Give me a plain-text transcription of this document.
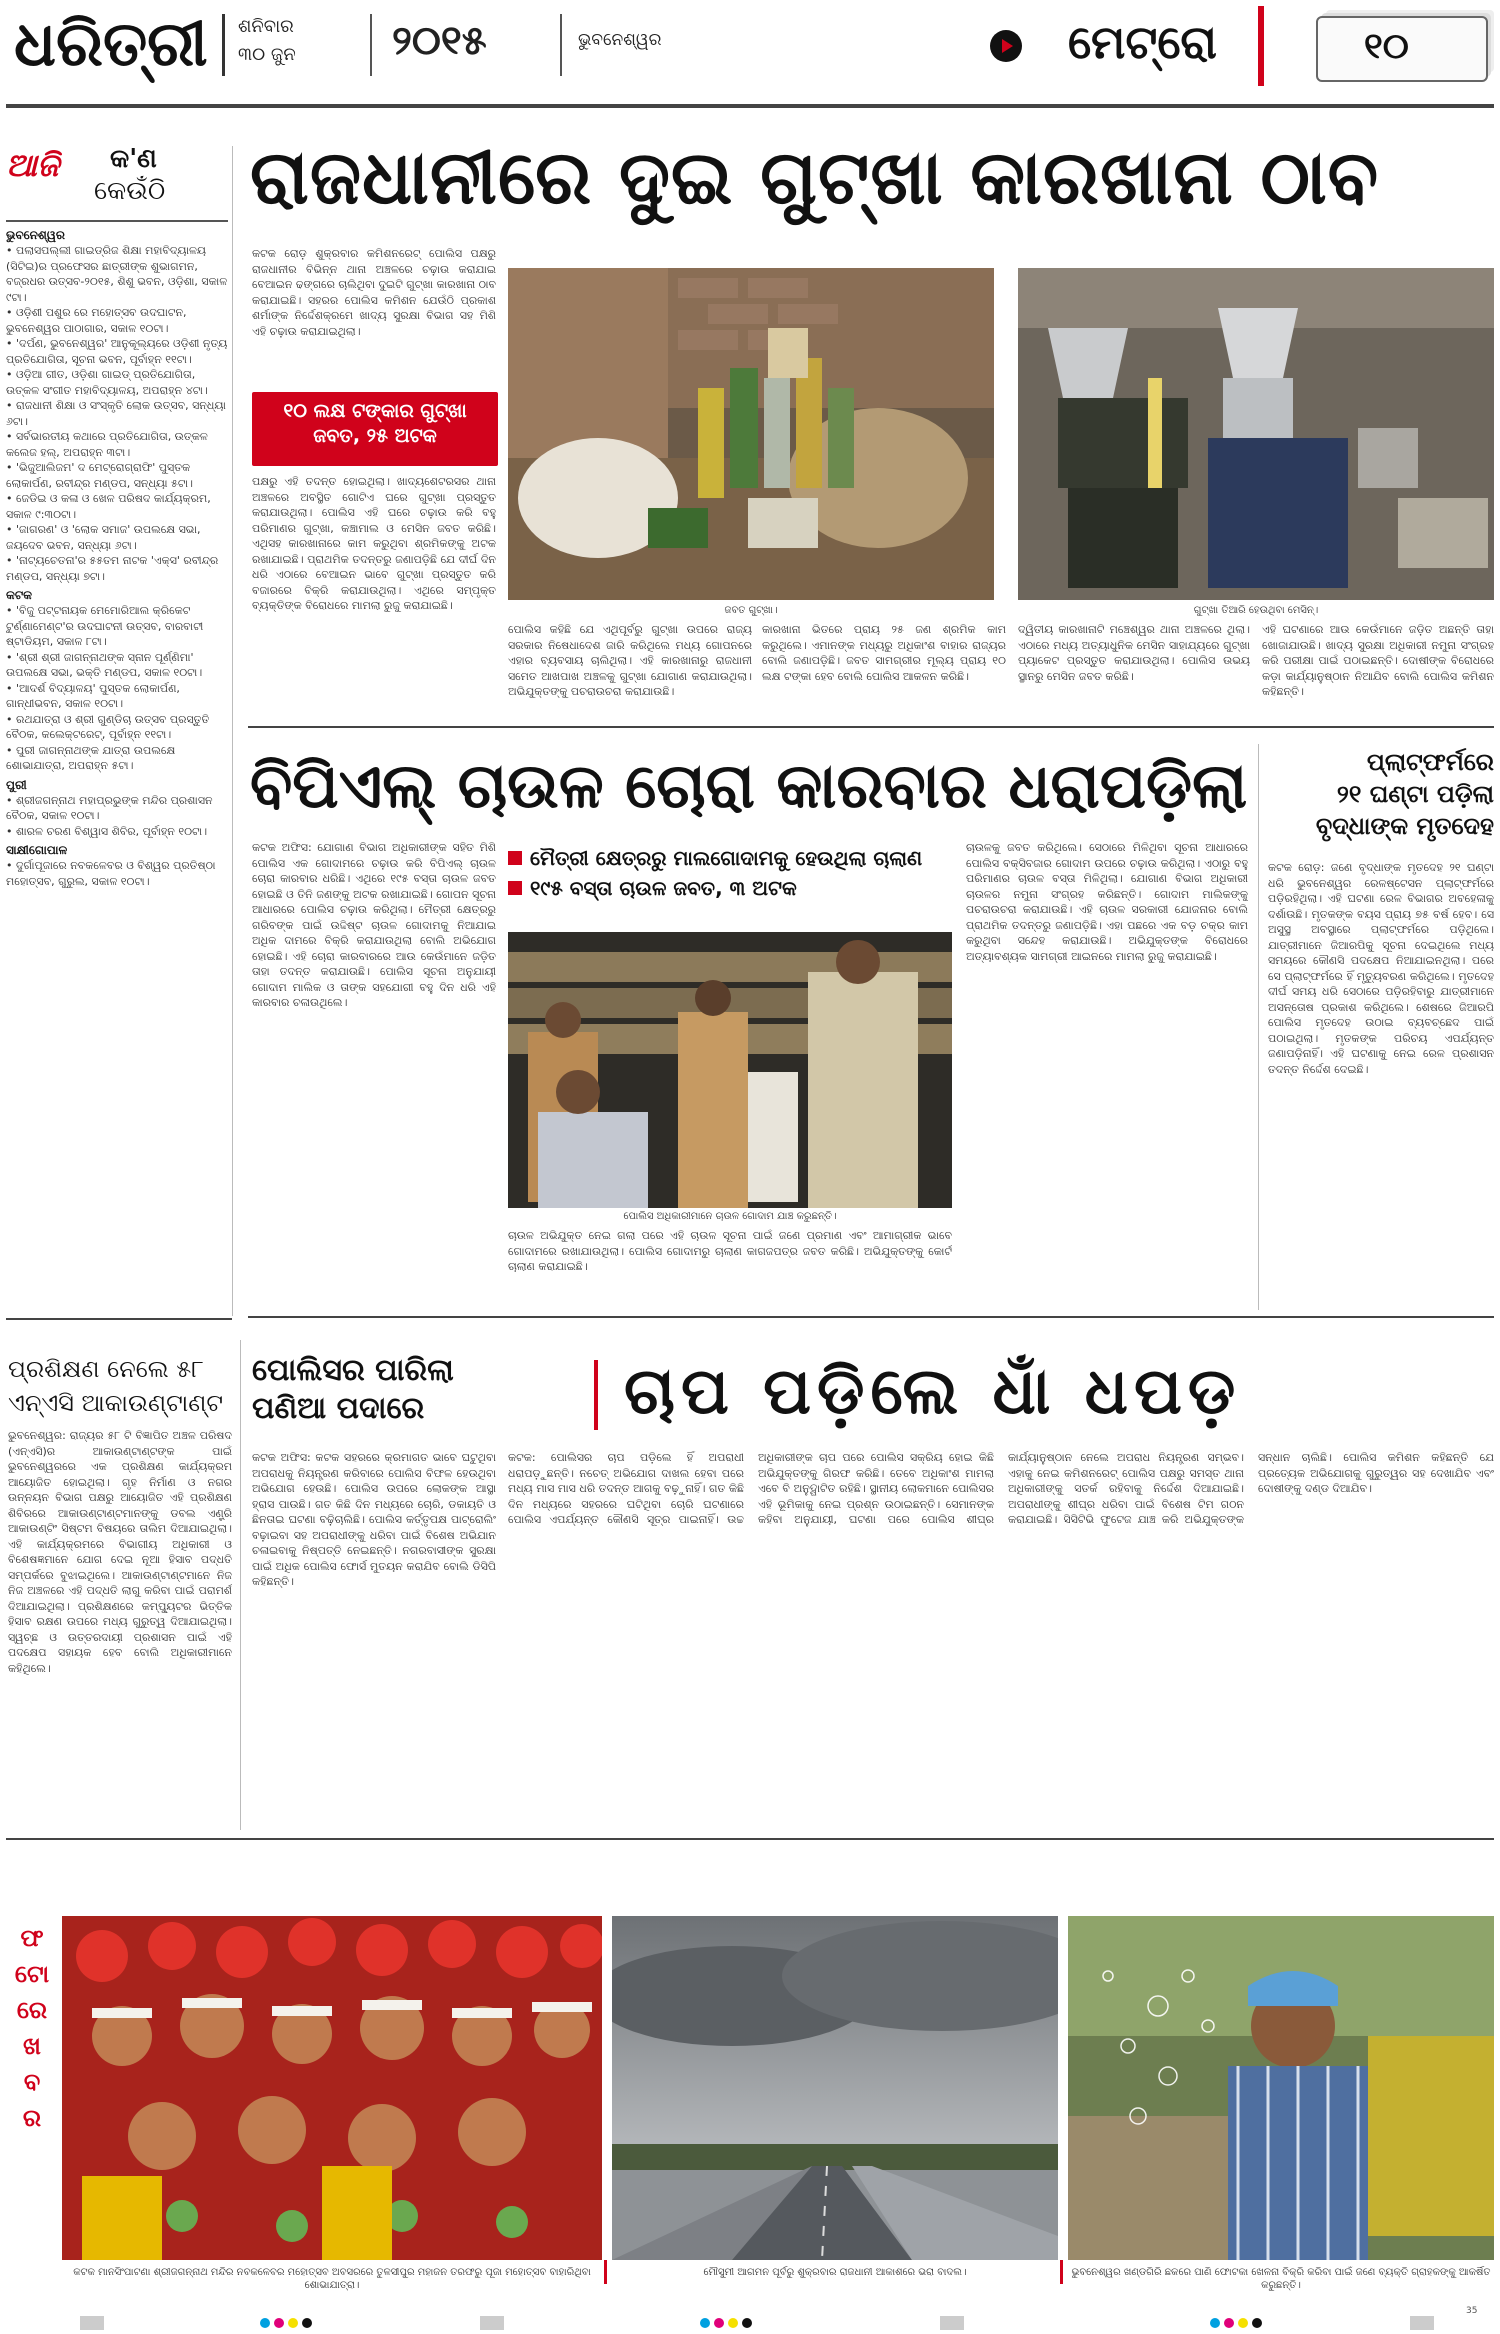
ଧରିତ୍ରୀ ଶନିବାର
୩୦ ଜୁନ ୨୦୧୫	ଭୁବନେଶ୍ୱର	ମେଟ୍ରୋ	୧୦
ଆଜି କ'ଣ
କେଉଁଠି
ଭୁବନେଶ୍ୱର
• ପଲାସପଲ୍ଲୀ ଗାଇଡ୍ରିଜ ଶିକ୍ଷା ମହାବିଦ୍ୟାଳୟ (ସିଟିଇ)ର ପ୍ରଫେସର ଛାତ୍ରୀଙ୍କ ଶୁଭାଗମନ, ବଜ୍ରଧର ଉତ୍ସବ-୨୦୧୫, ଶିଶୁ ଭବନ, ଓଡ଼ିଶା, ସକାଳ ୯ଟା।
• ଓଡ଼ିଶୀ ପଶୁର ରେ ମହୋତ୍ସବ ଉଦଘାଟନ, ଭୁବନେଶ୍ୱର ପାଠାଗାର, ସକାଳ ୧୦ଟା।
• 'ଦର୍ପଣ, ଭୁବନେଶ୍ୱର' ଆନୁକୂଲ୍ୟରେ ଓଡ଼ିଶୀ ନୃତ୍ୟ ପ୍ରତିଯୋଗିତା, ସୂଚନା ଭବନ, ପୂର୍ବାହ୍ନ ୧୧ଟା।
• ଓଡ଼ିଆ ଗୀତ, ଓଡ଼ିଶା ଗାଇଡ୍ ପ୍ରତିଯୋଗିତା, ଉତ୍କଳ ସଂଗୀତ ମହାବିଦ୍ୟାଳୟ, ଅପରାହ୍ନ ୪ଟା।
• ରାଜଧାନୀ ଶିକ୍ଷା ଓ ସଂସ୍କୃତି ଲୋକ ଉତ୍ସବ, ସନ୍ଧ୍ୟା ୬ଟା।
• ସର୍ବଭାରତୀୟ କଥାରେ ପ୍ରତିଯୋଗିତା, ଉତ୍କଳ କଲେଜ ହଲ୍, ଅପରାହ୍ନ ୩ଟା।
• 'ଭିଜୁଆଲିଜମ' ଦ ମେଟ୍ରୋଗ୍ରାଫି' ପୁସ୍ତକ ଲୋକାର୍ପଣ, ରବୀନ୍ଦ୍ର ମଣ୍ଡପ, ସନ୍ଧ୍ୟା ୫ଟା।
• ଜେଡିଇ ଓ କଳା ଓ ଖେଳ ପରିଷଦ କାର୍ଯ୍ୟକ୍ରମ, ସକାଳ ୯:୩୦ଟା।
• 'ଜାଗରଣ' ଓ 'ଲୋକ ସମାଜ' ଉପଲକ୍ଷେ ସଭା, ଜୟଦେବ ଭବନ, ସନ୍ଧ୍ୟା ୬ଟା।
• 'ନାଟ୍ୟଚେତନା'ର ୫୫ତମ ନାଟକ 'ଏକ୍ସ' ରବୀନ୍ଦ୍ର ମଣ୍ଡପ, ସନ୍ଧ୍ୟା ୭ଟା।
କଟକ
• 'ବିଜୁ ପଟ୍ଟନାୟକ ମେମୋରିଆଲ କ୍ରିକେଟ ଟୁର୍ଣ୍ଣାମେଣ୍ଟ'ର ଉଦଘାଟନୀ ଉତ୍ସବ, ବାରବାଟୀ ଷ୍ଟାଡିୟମ, ସକାଳ ୮ଟା।
• 'ଶ୍ରୀ ଶ୍ରୀ ଜାଗନ୍ନାଥଙ୍କ ସ୍ନାନ ପୂର୍ଣ୍ଣିମା' ଉପଲକ୍ଷେ ସଭା, ଭକ୍ତି ମଣ୍ଡପ, ସକାଳ ୧୦ଟା।
• 'ଆଦର୍ଶ ବିଦ୍ୟାଳୟ' ପୁସ୍ତକ ଲୋକାର୍ପଣ, ଗାନ୍ଧୀଭବନ, ସକାଳ ୧୦ଟା।
• ରଥଯାତ୍ରା ଓ ଶ୍ରୀ ଗୁଣ୍ଡିଚା ଉତ୍ସବ ପ୍ରସ୍ତୁତି ବୈଠକ, କଲେକ୍ଟରେଟ୍, ପୂର୍ବାହ୍ନ ୧୧ଟା।
• ପୁରୀ ଜାଗନ୍ନାଥଙ୍କ ଯାତ୍ରା ଉପଲକ୍ଷେ ଶୋଭାଯାତ୍ରା, ଅପରାହ୍ନ ୫ଟା।
ପୁରୀ
• ଶ୍ରୀଜଗନ୍ନାଥ ମହାପ୍ରଭୁଙ୍କ ମନ୍ଦିର ପ୍ରଶାସନ ବୈଠକ, ସକାଳ ୧୦ଟା।
• ଶାରଳ ଚରଣ ବିଶ୍ୱାସ ଶିବିର, ପୂର୍ବାହ୍ନ ୧୦ଟା।
ସାକ୍ଷୀଗୋପାଳ
• ଦୁର୍ଗାପୂଜାରେ ନବକଳେବର ଓ ବିଶ୍ୱର ପ୍ରତିଷ୍ଠା ମହୋତ୍ସବ, ଗୁରୁଲ, ସକାଳ ୧୦ଟା।
ରାଜଧାନୀରେ ଦୁଇ ଗୁଟ୍‌ଖା କାରଖାନା ଠାବ
କଟକ ରୋଡ଼ ଶୁକ୍ରବାର କମିଶନରେଟ୍ ପୋଲିସ ପକ୍ଷରୁ ରାଜଧାନୀର ବିଭିନ୍ନ ଥାନା ଅଞ୍ଚଳରେ ଚଢ଼ାଉ କରାଯାଇ ବେଆଇନ ଢଙ୍ଗରେ ଚାଲିଥିବା ଦୁଇଟି ଗୁଟ୍‌ଖା କାରଖାନା ଠାବ କରାଯାଇଛି। ସହରର ପୋଲିସ କମିଶନ ଯେଉଁଠି ପ୍ରକାଶ ଶର୍ମାଙ୍କ ନିର୍ଦ୍ଦେଶକ୍ରମେ ଖାଦ୍ୟ ସୁରକ୍ଷା ବିଭାଗ ସହ ମିଶି ଏହି ଚଢ଼ାଉ କରାଯାଇଥିଲା।
୧୦ ଲକ୍ଷ ଟଙ୍କାର ଗୁଟ୍‌ଖା
ଜବତ, ୨୫ ଅଟକ
ପକ୍ଷରୁ ଏହି ତଦନ୍ତ ହୋଇଥିଲା। ଖାଦ୍ୟଶେଟରସର ଥାନା ଅଞ୍ଚଳରେ ଅବସ୍ଥିତ ଗୋଟିଏ ଘରେ ଗୁଟ୍‌ଖା ପ୍ରସ୍ତୁତ କରାଯାଉଥିଲା। ପୋଲିସ ଏହି ଘରେ ଚଢ଼ାଉ କରି ବହୁ ପରିମାଣର ଗୁଟ୍‌ଖା, କଞ୍ଚାମାଲ ଓ ମେସିନ ଜବତ କରିଛି। ଏଥିସହ କାରଖାନାରେ କାମ କରୁଥିବା ଶ୍ରମିକଙ୍କୁ ଅଟକ ରଖାଯାଇଛି। ପ୍ରାଥମିକ ତଦନ୍ତରୁ ଜଣାପଡ଼ିଛି ଯେ ଦୀର୍ଘ ଦିନ ଧରି ଏଠାରେ ବେଆଇନ ଭାବେ ଗୁଟ୍‌ଖା ପ୍ରସ୍ତୁତ କରି ବଜାରରେ ବିକ୍ରି କରାଯାଉଥିଲା। ଏଥିରେ ସମ୍ପୃକ୍ତ ବ୍ୟକ୍ତିଙ୍କ ବିରୋଧରେ ମାମଲା ରୁଜୁ କରାଯାଇଛି।	ଜବତ ଗୁଟ୍‌ଖା।	ଗୁଟ୍‌ଖା ତିଆରି ହେଉଥିବା ମେସିନ୍।
ପୋଲିସ କହିଛି ଯେ ଏଥିପୂର୍ବରୁ ଗୁଟ୍‌ଖା ଉପରେ ରାଜ୍ୟ ସରକାର ନିଷେଧାଦେଶ ଜାରି କରିଥିଲେ ମଧ୍ୟ ଗୋପନରେ ଏହାର ବ୍ୟବସାୟ ଚାଲିଥିଲା। ଏହି କାରଖାନାରୁ ରାଜଧାନୀ ସମେତ ଆଖପାଖ ଅଞ୍ଚଳକୁ ଗୁଟ୍‌ଖା ଯୋଗାଣ କରାଯାଉଥିଲା। ଅଭିଯୁକ୍ତଙ୍କୁ ପଚରାଉଚରା କରାଯାଉଛି।
କାରଖାନା ଭିତରେ ପ୍ରାୟ ୨୫ ଜଣ ଶ୍ରମିକ କାମ କରୁଥିଲେ। ଏମାନଙ୍କ ମଧ୍ୟରୁ ଅଧିକାଂଶ ବାହାର ରାଜ୍ୟର ବୋଲି ଜଣାପଡ଼ିଛି। ଜବତ ସାମଗ୍ରୀର ମୂଲ୍ୟ ପ୍ରାୟ ୧୦ ଲକ୍ଷ ଟଙ୍କା ହେବ ବୋଲି ପୋଲିସ ଆକଳନ କରିଛି।
ଦ୍ୱିତୀୟ କାରଖାନାଟି ମଞ୍ଚେଶ୍ୱର ଥାନା ଅଞ୍ଚଳରେ ଥିଲା। ଏଠାରେ ମଧ୍ୟ ଅତ୍ୟାଧୁନିକ ମେସିନ ସାହାଯ୍ୟରେ ଗୁଟ୍‌ଖା ପ୍ୟାକେଟ ପ୍ରସ୍ତୁତ କରାଯାଉଥିଲା। ପୋଲିସ ଉଭୟ ସ୍ଥାନରୁ ମେସିନ ଜବତ କରିଛି।
ଏହି ଘଟଣାରେ ଆଉ କେଉଁମାନେ ଜଡ଼ିତ ଅଛନ୍ତି ତାହା ଖୋଜାଯାଉଛି। ଖାଦ୍ୟ ସୁରକ୍ଷା ଅଧିକାରୀ ନମୁନା ସଂଗ୍ରହ କରି ପରୀକ୍ଷା ପାଇଁ ପଠାଇଛନ୍ତି। ଦୋଷୀଙ୍କ ବିରୋଧରେ କଡ଼ା କାର୍ଯ୍ୟାନୁଷ୍ଠାନ ନିଆଯିବ ବୋଲି ପୋଲିସ କମିଶନ କହିଛନ୍ତି।
ବିପିଏଲ୍ ଚାଉଳ ଚୋରା କାରବାର ଧରାପଡ଼ିଲା
କଟକ ଅଫିସ: ଯୋଗାଣ ବିଭାଗ ଅଧିକାରୀଙ୍କ ସହିତ ମିଶି ପୋଲିସ ଏକ ଗୋଦାମରେ ଚଢ଼ାଉ କରି ବିପିଏଲ୍ ଚାଉଳ ଚୋରା କାରବାର ଧରିଛି। ଏଥିରେ ୧୯୫ ବସ୍ତା ଚାଉଳ ଜବତ ହୋଇଛି ଓ ତିନି ଜଣଙ୍କୁ ଅଟକ ରଖାଯାଇଛି। ଗୋପନ ସୂଚନା ଆଧାରରେ ପୋଲିସ ଚଢ଼ାଉ କରିଥିଲା। ମୈତ୍ରୀ କ୍ଷେତ୍ରରୁ ଗରିବଙ୍କ ପାଇଁ ଉଦ୍ଦିଷ୍ଟ ଚାଉଳ ଗୋଦାମକୁ ନିଆଯାଇ ଅଧିକ ଦାମରେ ବିକ୍ରି କରାଯାଉଥିଲା ବୋଲି ଅଭିଯୋଗ ହୋଇଛି। ଏହି ଚୋରା କାରବାରରେ ଆଉ କେଉଁମାନେ ଜଡ଼ିତ ତାହା ତଦନ୍ତ କରାଯାଉଛି। ପୋଲିସ ସୂଚନା ଅନୁଯାୟୀ ଗୋଦାମ ମାଲିକ ଓ ତାଙ୍କ ସହଯୋଗୀ ବହୁ ଦିନ ଧରି ଏହି କାରବାର ଚଳାଉଥିଲେ।
ମୈତ୍ରୀ କ୍ଷେତ୍ରରୁ ମାଲଗୋଦାମକୁ ହେଉଥିଲା ଚାଲାଣ
୧୯୫ ବସ୍ତା ଚାଉଳ ଜବତ, ୩ ଅଟକ
ପୋଲିସ ଅଧିକାରୀମାନେ ଚାଉଳ ଗୋଦାମ ଯାଞ୍ଚ କରୁଛନ୍ତି।
ଚାଉଳ ଅଭିଯୁକ୍ତ ନେଇ ଗଲା ପରେ ଏହି ଚାଉଳ ସୂଚନା ପାଇଁ ଜଣେ ପ୍ରମାଣ ଏବଂ ଆମାଗ୍ରୀକ ଭାବେ ଗୋଦାମରେ ରଖାଯାଉଥିଲା। ପୋଲିସ ଗୋଦାମରୁ ଚାଲାଣ କାଗଜପତ୍ର ଜବତ କରିଛି। ଅଭିଯୁକ୍ତଙ୍କୁ କୋର୍ଟ ଚାଲାଣ କରାଯାଇଛି।
ଚାଉଳକୁ ଜବତ କରିଥିଲେ। ସେଠାରେ ମିଳିଥିବା ସୂଚନା ଆଧାରରେ ପୋଲିସ ବକ୍ସିବଜାର ଗୋଦାମ ଉପରେ ଚଢ଼ାଉ କରିଥିଲା। ଏଠାରୁ ବହୁ ପରିମାଣର ଚାଉଳ ବସ୍ତା ମିଳିଥିଲା। ଯୋଗାଣ ବିଭାଗ ଅଧିକାରୀ ଚାଉଳର ନମୁନା ସଂଗ୍ରହ କରିଛନ୍ତି। ଗୋଦାମ ମାଲିକଙ୍କୁ ପଚରାଉଚରା କରାଯାଉଛି। ଏହି ଚାଉଳ ସରକାରୀ ଯୋଜନାର ବୋଲି ପ୍ରାଥମିକ ତଦନ୍ତରୁ ଜଣାପଡ଼ିଛି। ଏହା ପଛରେ ଏକ ବଡ଼ ଚକ୍ର କାମ କରୁଥିବା ସନ୍ଦେହ କରାଯାଉଛି। ଅଭିଯୁକ୍ତଙ୍କ ବିରୋଧରେ ଅତ୍ୟାବଶ୍ୟକ ସାମଗ୍ରୀ ଆଇନରେ ମାମଲା ରୁଜୁ କରାଯାଇଛି।
ପ୍ଲାଟ୍‌ଫର୍ମରେ
୨୧ ଘଣ୍ଟା ପଡ଼ିଲା
ବୃଦ୍ଧାଙ୍କ ମୃତଦେହ
କଟକ ରୋଡ଼: ଜଣେ ବୃଦ୍ଧାଙ୍କ ମୃତଦେହ ୨୧ ଘଣ୍ଟା ଧରି ଭୁବନେଶ୍ୱର ରେଳଷ୍ଟେସନ ପ୍ଲାଟ୍‌ଫର୍ମରେ ପଡ଼ିରହିଥିଲା। ଏହି ଘଟଣା ରେଳ ବିଭାଗର ଅବହେଳାକୁ ଦର୍ଶାଉଛି। ମୃତକଙ୍କ ବୟସ ପ୍ରାୟ ୭୫ ବର୍ଷ ହେବ। ସେ ଅସୁସ୍ଥ ଅବସ୍ଥାରେ ପ୍ଲାଟ୍‌ଫର୍ମରେ ପଡ଼ିଥିଲେ। ଯାତ୍ରୀମାନେ ଜିଆରପିକୁ ସୂଚନା ଦେଇଥିଲେ ମଧ୍ୟ ସମୟରେ କୌଣସି ପଦକ୍ଷେପ ନିଆଯାଇନଥିଲା। ପରେ ସେ ପ୍ଲାଟ୍‌ଫର୍ମରେ ହିଁ ମୃତ୍ୟୁବରଣ କରିଥିଲେ। ମୃତଦେହ ଦୀର୍ଘ ସମୟ ଧରି ସେଠାରେ ପଡ଼ିରହିବାରୁ ଯାତ୍ରୀମାନେ ଅସନ୍ତୋଷ ପ୍ରକାଶ କରିଥିଲେ। ଶେଷରେ ଜିଆରପି ପୋଲିସ ମୃତଦେହ ଉଠାଇ ବ୍ୟବଚ୍ଛେଦ ପାଇଁ ପଠାଇଥିଲା। ମୃତକଙ୍କ ପରିଚୟ ଏପର୍ଯ୍ୟନ୍ତ ଜଣାପଡ଼ିନାହିଁ। ଏହି ଘଟଣାକୁ ନେଇ ରେଳ ପ୍ରଶାସନ ତଦନ୍ତ ନିର୍ଦ୍ଦେଶ ଦେଇଛି।
ପ୍ରଶିକ୍ଷଣ ନେଲେ ୫୮
ଏନ୍‌ଏସି ଆକାଉଣ୍ଟାଣ୍ଟ
ଭୁବନେଶ୍ୱର: ରାଜ୍ୟର ୫୮ ଟି ବିଜ୍ଞାପିତ ଅଞ୍ଚଳ ପରିଷଦ (ଏନ୍‌ଏସି)ର ଆକାଉଣ୍ଟାଣ୍ଟଙ୍କ ପାଇଁ ଭୁବନେଶ୍ୱରରେ ଏକ ପ୍ରଶିକ୍ଷଣ କାର୍ଯ୍ୟକ୍ରମ ଆୟୋଜିତ ହୋଇଥିଲା। ଗୃହ ନିର୍ମାଣ ଓ ନଗର ଉନ୍ନୟନ ବିଭାଗ ପକ୍ଷରୁ ଆୟୋଜିତ ଏହି ପ୍ରଶିକ୍ଷଣ ଶିବିରରେ ଆକାଉଣ୍ଟାଣ୍ଟମାନଙ୍କୁ ଡବଲ ଏଣ୍ଟ୍ରି ଆକାଉଣ୍ଟିଂ ସିଷ୍ଟମ ବିଷୟରେ ତାଲିମ ଦିଆଯାଇଥିଲା। ଏହି କାର୍ଯ୍ୟକ୍ରମରେ ବିଭାଗୀୟ ଅଧିକାରୀ ଓ ବିଶେଷଜ୍ଞମାନେ ଯୋଗ ଦେଇ ନୂଆ ହିସାବ ପଦ୍ଧତି ସମ୍ପର୍କରେ ବୁଝାଇଥିଲେ। ଆକାଉଣ୍ଟାଣ୍ଟମାନେ ନିଜ ନିଜ ଅଞ୍ଚଳରେ ଏହି ପଦ୍ଧତି ଲାଗୁ କରିବା ପାଇଁ ପରାମର୍ଶ ଦିଆଯାଇଥିଲା। ପ୍ରଶିକ୍ଷଣରେ କମ୍ପ୍ୟୁଟର ଭିତ୍ତିକ ହିସାବ ରକ୍ଷଣ ଉପରେ ମଧ୍ୟ ଗୁରୁତ୍ୱ ଦିଆଯାଇଥିଲା। ସ୍ୱଚ୍ଛ ଓ ଉତ୍ତରଦାୟୀ ପ୍ରଶାସନ ପାଇଁ ଏହି ପଦକ୍ଷେପ ସହାୟକ ହେବ ବୋଲି ଅଧିକାରୀମାନେ କହିଥିଲେ।
ପୋଲିସର ପାରିଲା
ପଣିଆ ପଦାରେ	ଚାପ ପଡ଼ିଲେ ଧାଁ ଧପଡ଼
କଟକ ଅଫିସ: କଟକ ସହରରେ କ୍ରମାଗତ ଭାବେ ଘଟୁଥିବା ଅପରାଧକୁ ନିୟନ୍ତ୍ରଣ କରିବାରେ ପୋଲିସ ବିଫଳ ହେଉଥିବା ଅଭିଯୋଗ ହେଉଛି। ପୋଲିସ ଉପରେ ଲୋକଙ୍କ ଆସ୍ଥା ହ୍ରାସ ପାଉଛି। ଗତ କିଛି ଦିନ ମଧ୍ୟରେ ଚୋରି, ଡକାୟତି ଓ ଛିନତାଇ ଘଟଣା ବଢ଼ିଚାଲିଛି। ପୋଲିସ କର୍ତ୍ତୃପକ୍ଷ ପାଟ୍ରୋଲିଂ ବଢ଼ାଇବା ସହ ଅପରାଧୀଙ୍କୁ ଧରିବା ପାଇଁ ବିଶେଷ ଅଭିଯାନ ଚଳାଇବାକୁ ନିଷ୍ପତ୍ତି ନେଇଛନ୍ତି। ନଗରବାସୀଙ୍କ ସୁରକ୍ଷା ପାଇଁ ଅଧିକ ପୋଲିସ ଫୋର୍ସ ମୁତୟନ କରାଯିବ ବୋଲି ଡିସିପି କହିଛନ୍ତି।
କଟକ: ପୋଲିସର ଚାପ ପଡ଼ିଲେ ହିଁ ଅପରାଧୀ ଧରାପଡ଼ୁଛନ୍ତି। ନଚେତ୍ ଅଭିଯୋଗ ଦାଖଲ ହେବା ପରେ ମଧ୍ୟ ମାସ ମାସ ଧରି ତଦନ୍ତ ଆଗକୁ ବଢ଼ୁନାହିଁ। ଗତ କିଛି ଦିନ ମଧ୍ୟରେ ସହରରେ ଘଟିଥିବା ଚୋରି ଘଟଣାରେ ପୋଲିସ ଏପର୍ଯ୍ୟନ୍ତ କୌଣସି ସୂତ୍ର ପାଇନାହିଁ। ଉଚ୍ଚ ଅଧିକାରୀଙ୍କ ଚାପ ପରେ ପୋଲିସ ସକ୍ରିୟ ହୋଇ କିଛି ଅଭିଯୁକ୍ତଙ୍କୁ ଗିରଫ କରିଛି। ତେବେ ଅଧିକାଂଶ ମାମଲା ଏବେ ବି ଅନୁଦ୍ଘାଟିତ ରହିଛି। ସ୍ଥାନୀୟ ଲୋକମାନେ ପୋଲିସର ଏହି ଭୂମିକାକୁ ନେଇ ପ୍ରଶ୍ନ ଉଠାଇଛନ୍ତି। ସେମାନଙ୍କ କହିବା ଅନୁଯାୟୀ, ଘଟଣା ପରେ ପୋଲିସ ଶୀଘ୍ର କାର୍ଯ୍ୟାନୁଷ୍ଠାନ ନେଲେ ଅପରାଧ ନିୟନ୍ତ୍ରଣ ସମ୍ଭବ। ଏହାକୁ ନେଇ କମିଶନରେଟ୍ ପୋଲିସ ପକ୍ଷରୁ ସମସ୍ତ ଥାନା ଅଧିକାରୀଙ୍କୁ ସତର୍କ ରହିବାକୁ ନିର୍ଦ୍ଦେଶ ଦିଆଯାଇଛି। ଅପରାଧୀଙ୍କୁ ଶୀଘ୍ର ଧରିବା ପାଇଁ ବିଶେଷ ଟିମ ଗଠନ କରାଯାଇଛି। ସିସିଟିଭି ଫୁଟେଜ ଯାଞ୍ଚ କରି ଅଭିଯୁକ୍ତଙ୍କ ସନ୍ଧାନ ଚାଲିଛି। ପୋଲିସ କମିଶନ କହିଛନ୍ତି ଯେ ପ୍ରତ୍ୟେକ ଅଭିଯୋଗକୁ ଗୁରୁତ୍ୱର ସହ ଦେଖାଯିବ ଏବଂ ଦୋଷୀଙ୍କୁ ଦଣ୍ଡ ଦିଆଯିବ।
ଫ
ଟୋ
ରେ
ଖ
ବ
ର
କଟକ ମାନସିଂପାଟଣା ଶ୍ରୀଜଗନ୍ନାଥ ମନ୍ଦିର ନବକଳେବର ମହୋତ୍ସବ ଅବସରରେ ତୁଳସୀପୁର ମହାଜନ ତରଫରୁ ପୂଜା ମହୋତ୍ସବ ବାହାରିଥିବା ଶୋଭାଯାତ୍ରା।
ମୌସୁମୀ ଆଗମନ ପୂର୍ବରୁ ଶୁକ୍ରବାର ରାଜଧାନୀ ଆକାଶରେ ଭରା ବାଦଲ।	ଭୁବନେଶ୍ୱର ଖଣ୍ଡଗିରି ଛକରେ ପାଣି ଫୋଟକା ଖେଳନା ବିକ୍ରି କରିବା ପାଇଁ ଜଣେ ବ୍ୟକ୍ତି ଗ୍ରାହକଙ୍କୁ ଆକର୍ଷିତ କରୁଛନ୍ତି।
35
